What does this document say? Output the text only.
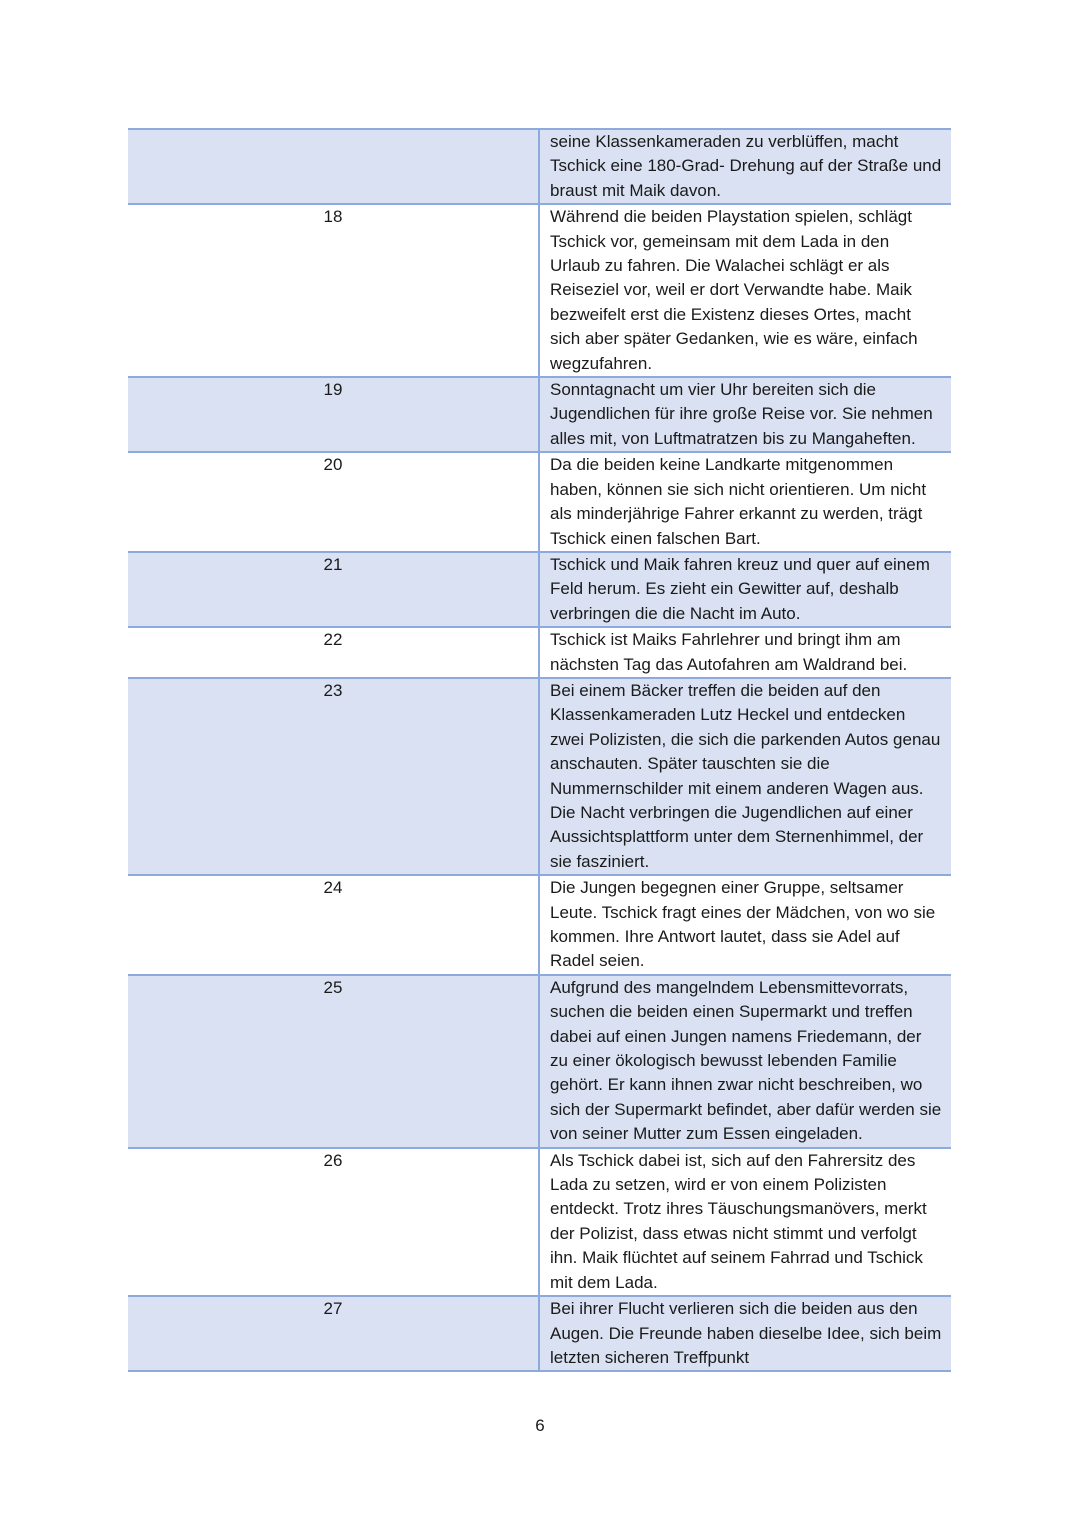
	seine Klassenkameraden zu verblüffen, macht Tschick eine 180-Grad- Drehung auf der Straße und braust mit Maik davon.
18	Während die beiden Playstation spielen, schlägt Tschick vor, gemeinsam mit dem Lada in den Urlaub zu fahren. Die Walachei schlägt er als Reiseziel vor, weil er dort Verwandte habe. Maik bezweifelt erst die Existenz dieses Ortes, macht sich aber später Gedanken, wie es wäre, einfach wegzufahren.
19	Sonntagnacht um vier Uhr bereiten sich die Jugendlichen für ihre große Reise vor. Sie nehmen alles mit, von Luftmatratzen bis zu Mangaheften.
20	Da die beiden keine Landkarte mitgenommen haben, können sie sich nicht orientieren. Um nicht als minderjährige Fahrer erkannt zu werden, trägt Tschick einen falschen Bart.
21	Tschick und Maik fahren kreuz und quer auf einem Feld herum. Es zieht ein Gewitter auf, deshalb verbringen die die Nacht im Auto.
22	Tschick ist Maiks Fahrlehrer und bringt ihm am nächsten Tag das Autofahren am Waldrand bei.
23	Bei einem Bäcker treffen die beiden auf den Klassenkameraden Lutz Heckel und entdecken zwei Polizisten, die sich die parkenden Autos genau anschauten. Später tauschten sie die Nummernschilder mit einem anderen Wagen aus. Die Nacht verbringen die Jugendlichen auf einer Aussichtsplattform unter dem Sternenhimmel, der sie fasziniert.
24	Die Jungen begegnen einer Gruppe, seltsamer Leute. Tschick fragt eines der Mädchen, von wo sie kommen. Ihre Antwort lautet, dass sie Adel auf Radel seien.
25	Aufgrund des mangelndem Lebensmittevorrats, suchen die beiden einen Supermarkt und treffen dabei auf einen Jungen namens Friedemann, der zu einer ökologisch bewusst lebenden Familie gehört. Er kann ihnen zwar nicht beschreiben, wo sich der Supermarkt befindet, aber dafür werden sie von seiner Mutter zum Essen eingeladen.
26	Als Tschick dabei ist, sich auf den Fahrersitz des Lada zu setzen, wird er von einem Polizisten entdeckt. Trotz ihres Täuschungsmanövers, merkt der Polizist, dass etwas nicht stimmt und verfolgt ihn. Maik flüchtet auf seinem Fahrrad und Tschick mit dem Lada.
27	Bei ihrer Flucht verlieren sich die beiden aus den Augen. Die Freunde haben dieselbe Idee, sich beim letzten sicheren Treffpunkt
6
